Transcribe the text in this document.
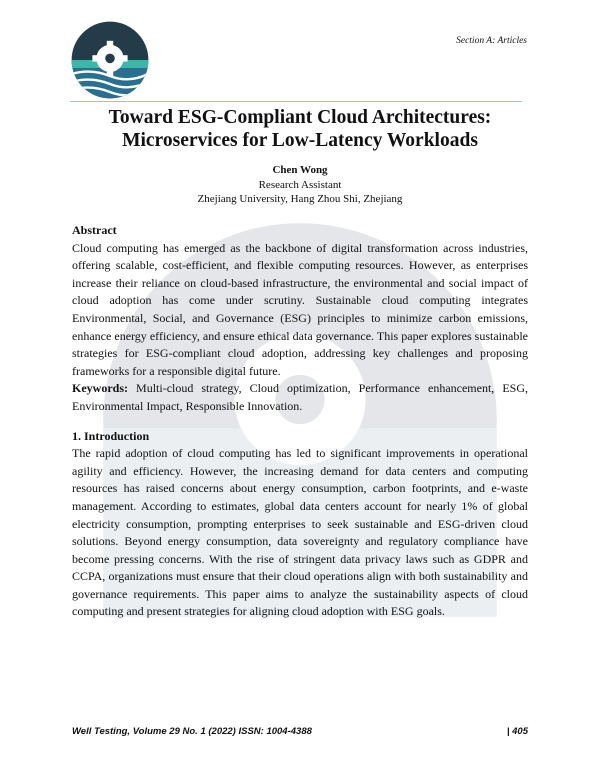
Section A: Articles
Toward ESG-Compliant Cloud Architectures:
Microservices for Low-Latency Workloads
Chen Wong
Research Assistant
Zhejiang University, Hang Zhou Shi, Zhejiang
Abstract

Cloud computing has emerged as the backbone of digital transformation across industries, offering scalable, cost-efficient, and flexible computing resources. However, as enterprises increase their reliance on cloud-based infrastructure, the environmental and social impact of cloud adoption has come under scrutiny. Sustainable cloud computing integrates Environmental, Social, and Governance (ESG) principles to minimize carbon emissions, enhance energy efficiency, and ensure ethical data governance. This paper explores sustainable strategies for ESG-compliant cloud adoption, addressing key challenges and proposing frameworks for a responsible digital future.

Keywords: Multi-cloud strategy, Cloud optimization, Performance enhancement, ESG, Environmental Impact, Responsible Innovation.

1. Introduction

The rapid adoption of cloud computing has led to significant improvements in operational agility and efficiency. However, the increasing demand for data centers and computing resources has raised concerns about energy consumption, carbon footprints, and e-waste management. According to estimates, global data centers account for nearly 1% of global electricity consumption, prompting enterprises to seek sustainable and ESG-driven cloud solutions. Beyond energy consumption, data sovereignty and regulatory compliance have become pressing concerns. With the rise of stringent data privacy laws such as GDPR and CCPA, organizations must ensure that their cloud operations align with both sustainability and governance requirements. This paper aims to analyze the sustainability aspects of cloud computing and present strategies for aligning cloud adoption with ESG goals.

Well Testing, Volume 29 No. 1 (2022) ISSN: 1004-4388	| 405
